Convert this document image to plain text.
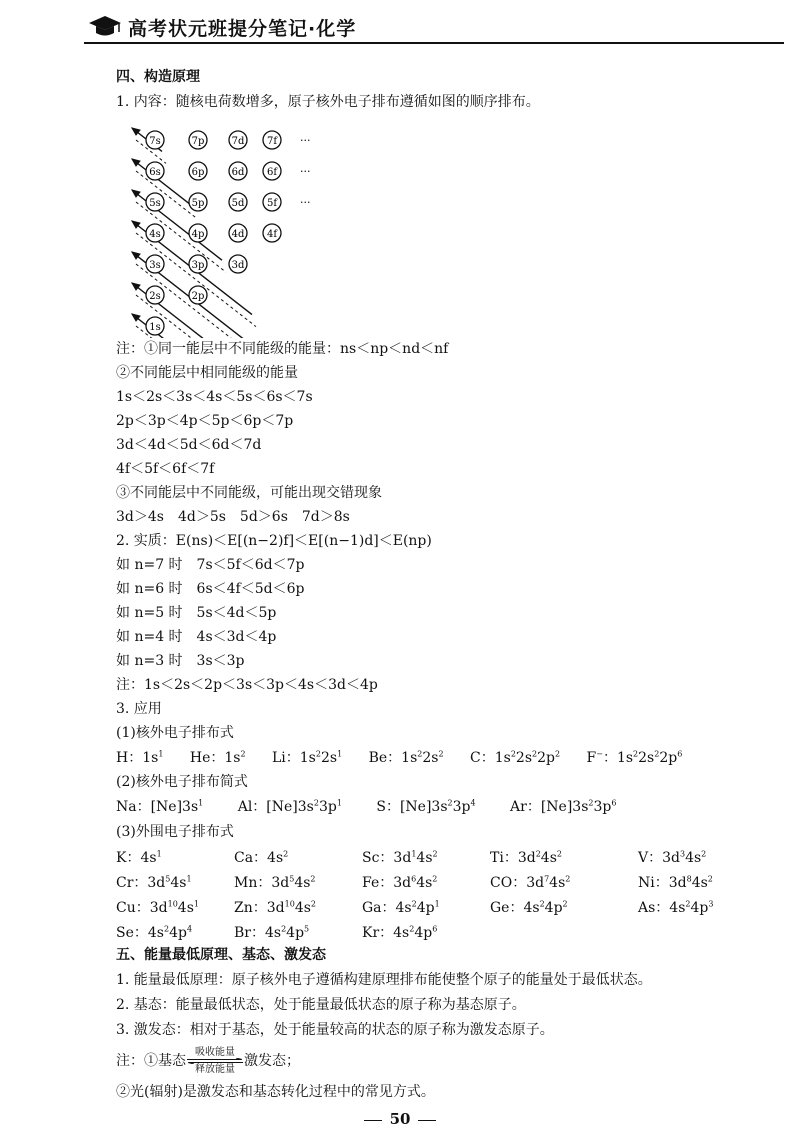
高考状元班提分笔记·化学
四、构造原理
1. 内容：随核电荷数增多，原子核外电子排布遵循如图的顺序排布。
7s	7p	7d 7f
6s	6p	6d 6f
5s	5p	5d 5f
4s	4p	4d 4f
3s	3p	3d
2s	2p
1s
···
···
···
注：①同一能层中不同能级的能量：ns＜np＜nd＜nf
②不同能层中相同能级的能量
1s＜2s＜3s＜4s＜5s＜6s＜7s
2p＜3p＜4p＜5p＜6p＜7p
3d＜4d＜5d＜6d＜7d
4f＜5f＜6f＜7f
③不同能层中不同能级，可能出现交错现象
3d＞4s　4d＞5s　5d＞6s　7d＞8s
2. 实质：E(ns)＜E[(n−2)f]＜E[(n−1)d]＜E(np)
如 n=7 时　7s＜5f＜6d＜7p
如 n=6 时　6s＜4f＜5d＜6p
如 n=5 时　5s＜4d＜5p
如 n=4 时　4s＜3d＜4p
如 n=3 时　3s＜3p
注：1s＜2s＜2p＜3s＜3p＜4s＜3d＜4p
3. 应用
(1)核外电子排布式
H：$1s^1$ He：$1s^2$ Li：$1s^22s^1$ Be：$1s^22s^2$ C：$1s^22s^22p^2$ F−：$1s^22s^22p^6$
(2)核外电子排布简式
Na：$[Ne]3s^1$ Al：$[Ne]3s^23p^1$ S：$[Ne]3s^23p^4$ Ar：$[Ne]3s^23p^6$
(3)外围电子排布式
K：$4s^1$	Ca：$4s^2$	Sc：$3d^14s^2$	Ti：$3d^24s^2$	V：$3d^34s^2$
Cr：$3d^54s^1$	Mn：$3d^54s^2$	Fe：$3d^64s^2$	CO：$3d^74s^2$	Ni：$3d^84s^2$
Cu：$3d^{10}4s^1$	Zn：$3d^{10}4s^2$	Ga：$4s^24p^1$	Ge：$4s^24p^2$	As：$4s^24p^3$
Se：$4s^24p^4$	Br：$4s^24p^5$	Kr：$4s^24p^6$
五、能量最低原理、基态、激发态
1. 能量最低原理：原子核外电子遵循构建原理排布能使整个原子的能量处于最低状态。
2. 基态：能量最低状态，处于能量最低状态的原子称为基态原子。
3. 激发态：相对于基态，处于能量较高的状态的原子称为激发态原子。
注：①基态
吸收能量
释放能量
激发态；
②光(辐射)是激发态和基态转化过程中的常见方式。
50
